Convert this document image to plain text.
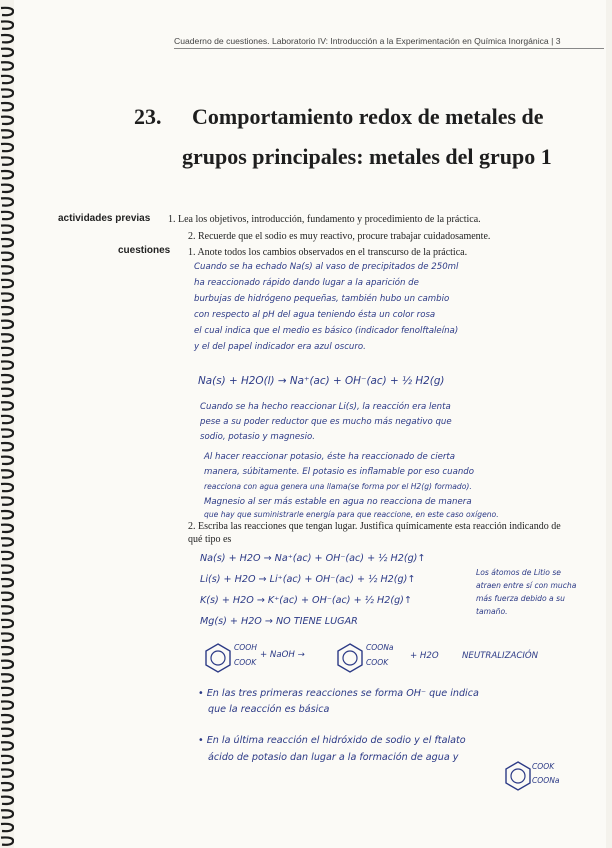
Cuaderno de cuestiones. Laboratorio IV: Introducción a la Experimentación en Química Inorgánica | 3
23. Comportamiento redox de metales de
grupos principales: metales del grupo 1
actividades previas
cuestiones
1. Lea los objetivos, introducción, fundamento y procedimiento de la práctica.
2. Recuerde que el sodio es muy reactivo, procure trabajar cuidadosamente.
1. Anote todos los cambios observados en el transcurso de la práctica.
Cuando se ha echado Na(s) al vaso de precipitados de 250ml
ha reaccionado rápido dando lugar a la aparición de
burbujas de hidrógeno pequeñas, también hubo un cambio
con respecto al pH del agua teniendo ésta un color rosa
el cual indica que el medio es básico (indicador fenolftaleína)
y el del papel indicador era azul oscuro.
Na(s) + H2O(l) → Na⁺(ac) + OH⁻(ac) + ½ H2(g)
Cuando se ha hecho reaccionar Li(s), la reacción era lenta
pese a su poder reductor que es mucho más negativo que
sodio, potasio y magnesio.
Al hacer reaccionar potasio, éste ha reaccionado de cierta
manera, súbitamente. El potasio es inflamable por eso cuando
reacciona con agua genera una llama(se forma por el H2(g) formado).
Magnesio al ser más estable en agua no reacciona de manera
que hay que suministrarle energía para que reaccione, en este caso oxígeno.
2. Escriba las reacciones que tengan lugar. Justifica químicamente esta reacción indicando de qué tipo es
Na(s) + H2O → Na⁺(ac) + OH⁻(ac) + ½ H2(g)↑
Li(s) + H2O → Li⁺(ac) + OH⁻(ac) + ½ H2(g)↑
K(s) + H2O → K⁺(ac) + OH⁻(ac) + ½ H2(g)↑
Mg(s) + H2O → NO TIENE LUGAR
Los átomos de Litio se
atraen entre sí con mucha
más fuerza debido a su
tamaño.
COOH
COOK
+ NaOH →
COONa
COOK
+ H2O	NEUTRALIZACIÓN
• En las tres primeras reacciones se forma OH⁻ que indica
que la reacción es básica
• En la última reacción el hidróxido de sodio y el ftalato
ácido de potasio dan lugar a la formación de agua y
COOK
COONa
